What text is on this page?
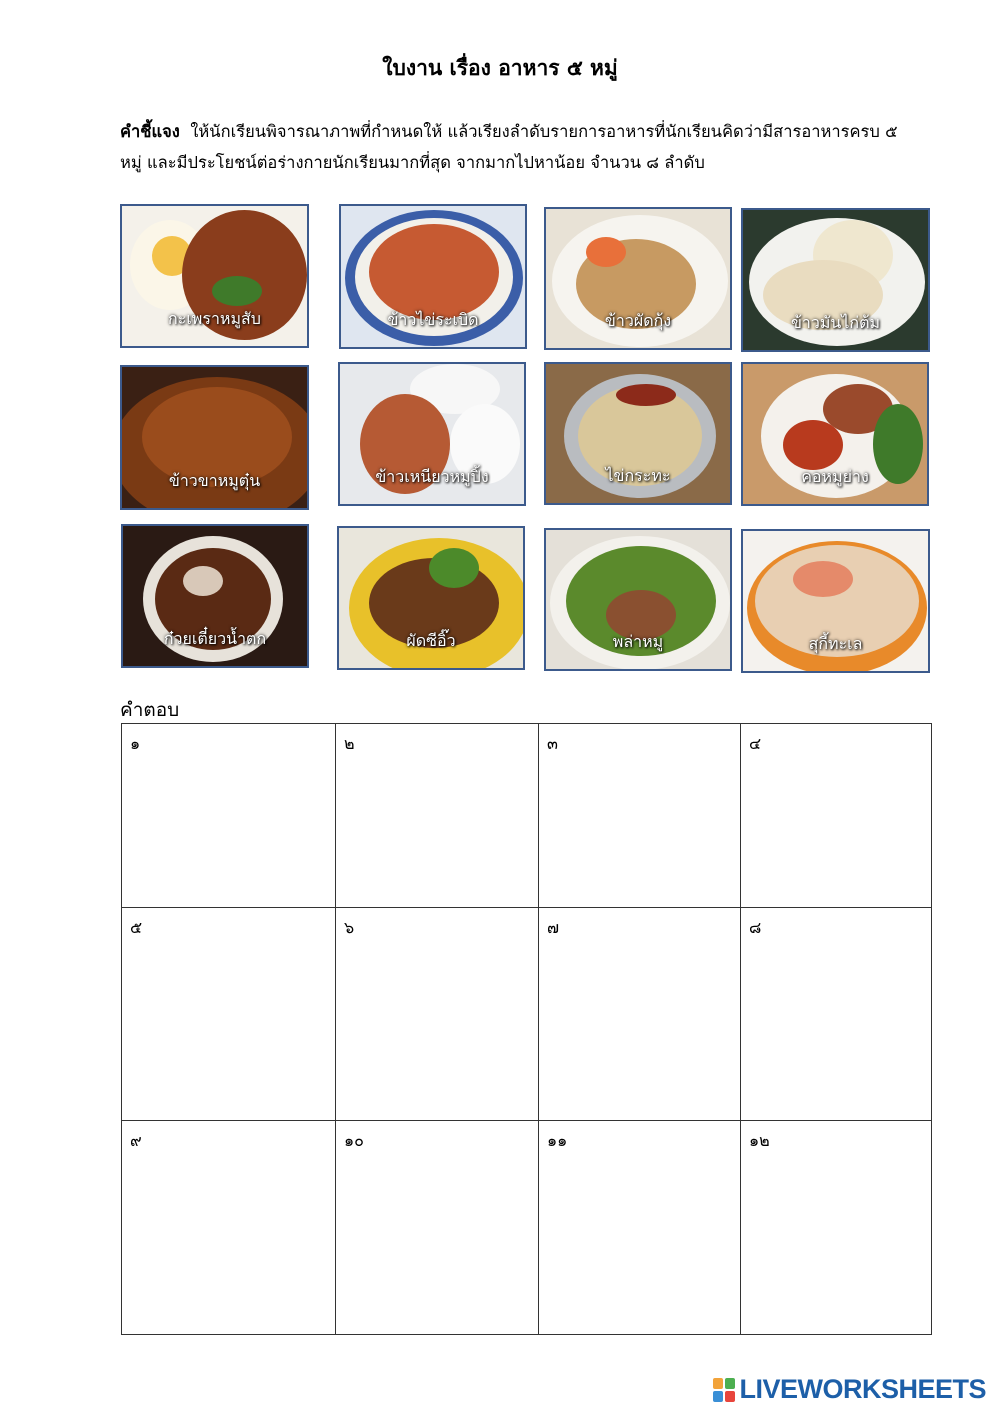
ใบงาน เรื่อง อาหาร ๕ หมู่
คำชี้แจง ให้นักเรียนพิจารณาภาพที่กำหนดให้ แล้วเรียงลำดับรายการอาหารที่นักเรียนคิดว่ามีสารอาหารครบ ๕ หมู่ และมีประโยชน์ต่อร่างกายนักเรียนมากที่สุด จากมากไปหาน้อย จำนวน ๘ ลำดับ
กะเพราหมูสับ	ข้าวไข่ระเบิด	ข้าวผัดกุ้ง	ข้าวมันไก่ต้ม
ข้าวขาหมูตุ๋น	ข้าวเหนียวหมูปิ้ง	ไข่กระทะ	คอหมูย่าง
ก๋วยเตี๋ยวน้ำตก	ผัดซีอิ๊ว	พล่าหมู	สุกี้ทะเล
คำตอบ
๑	๒	๓	๔
๕	๖	๗	๘
๙	๑๐	๑๑	๑๒
LIVEWORKSHEETS
